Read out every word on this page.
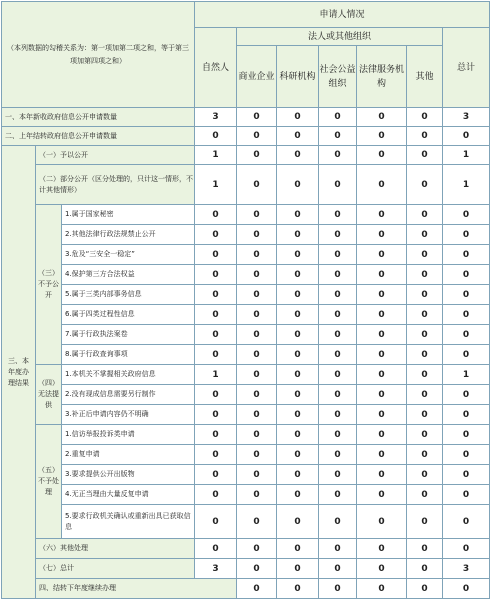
（本列数据的勾稽关系为：第一项加第二项之和，等于第三项加第四项之和）			申请人情况							
			自然人	法人或其他组织					总计	
				商业企业	科研机构	社会公益组织	法律服务机构	其他		
一、本年新收政府信息公开申请数量			3	0	0	0	0	0	3	
二、上年结转政府信息公开申请数量			0	0	0	0	0	0	0	
三、本年度办理结果	（一）予以公开		1	0	0	0	0	0	1	
	（二）部分公开（区分处理的，只计这一情形，不计其他情形）		1	0	0	0	0	0	1	
	（三）不予公开	1.属于国家秘密	0	0	0	0	0	0	0	
		2.其他法律行政法规禁止公开	0	0	0	0	0	0	0	
		3.危及“三安全一稳定”	0	0	0	0	0	0	0	
		4.保护第三方合法权益	0	0	0	0	0	0	0	
		5.属于三类内部事务信息	0	0	0	0	0	0	0	
		6.属于四类过程性信息	0	0	0	0	0	0	0	
		7.属于行政执法案卷	0	0	0	0	0	0	0	
		8.属于行政查询事项	0	0	0	0	0	0	0	
	（四）无法提供	1.本机关不掌握相关政府信息	1	0	0	0	0	0	1	
		2.没有现成信息需要另行制作	0	0	0	0	0	0	0	
		3.补正后申请内容仍不明确	0	0	0	0	0	0	0	
	（五）不予处理	1.信访举报投诉类申请	0	0	0	0	0	0	0	
		2.重复申请	0	0	0	0	0	0	0	
		3.要求提供公开出版物	0	0	0	0	0	0	0	
		4.无正当理由大量反复申请	0	0	0	0	0	0	0	
		5.要求行政机关确认或重新出具已获取信息	0	0	0	0	0	0	0	
	（六）其他处理		0	0	0	0	0	0	0	
	（七）总计		3	0	0	0	0	0	3	
	四、结转下年度继续办理			0	0	0	0	0	0	
